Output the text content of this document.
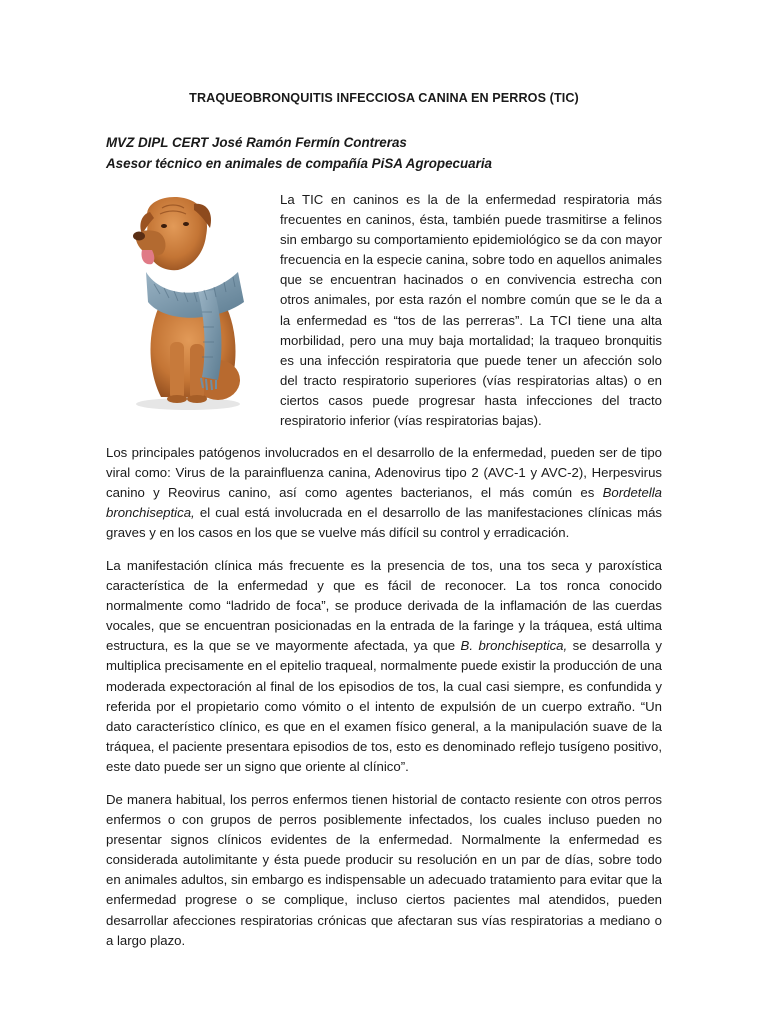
TRAQUEOBRONQUITIS INFECCIOSA CANINA EN PERROS (TIC)
MVZ DIPL CERT José Ramón Fermín Contreras
Asesor técnico en animales de compañía PiSA Agropecuaria

La TIC en caninos es la de la enfermedad respiratoria más frecuentes en caninos, ésta, también puede trasmitirse a felinos sin embargo su comportamiento epidemiológico se da con mayor frecuencia en la especie canina, sobre todo en aquellos animales que se encuentran hacinados o en convivencia estrecha con otros animales, por esta razón el nombre común que se le da a la enfermedad es “tos de las perreras”. La TCI tiene una alta morbilidad, pero una muy baja mortalidad; la traqueo bronquitis es una infección respiratoria que puede tener un afección solo del tracto respiratorio superiores (vías respiratorias altas) o en ciertos casos puede progresar hasta infecciones del tracto respiratorio inferior (vías respiratorias bajas).

Los principales patógenos involucrados en el desarrollo de la enfermedad, pueden ser de tipo viral como: Virus de la parainfluenza canina, Adenovirus tipo 2 (AVC-1 y AVC-2), Herpesvirus canino y Reovirus canino, así como agentes bacterianos, el más común es Bordetella bronchiseptica, el cual está involucrada en el desarrollo de las manifestaciones clínicas más graves y en los casos en los que se vuelve más difícil su control y erradicación.

La manifestación clínica más frecuente es la presencia de tos, una tos seca y paroxística característica de la enfermedad y que es fácil de reconocer. La tos ronca conocido normalmente como “ladrido de foca”, se produce derivada de la inflamación de las cuerdas vocales, que se encuentran posicionadas en la entrada de la faringe y la tráquea, está ultima estructura, es la que se ve mayormente afectada, ya que B. bronchiseptica, se desarrolla y multiplica precisamente en el epitelio traqueal, normalmente puede existir la producción de una moderada expectoración al final de los episodios de tos, la cual casi siempre, es confundida y referida por el propietario como vómito o el intento de expulsión de un cuerpo extraño. “Un dato característico clínico, es que en el examen físico general, a la manipulación suave de la tráquea, el paciente presentara episodios de tos, esto es denominado reflejo tusígeno positivo, este dato puede ser un signo que oriente al clínico”.

De manera habitual, los perros enfermos tienen historial de contacto resiente con otros perros enfermos o con grupos de perros posiblemente infectados, los cuales incluso pueden no presentar signos clínicos evidentes de la enfermedad. Normalmente la enfermedad es considerada autolimitante y ésta puede producir su resolución en un par de días, sobre todo en animales adultos, sin embargo es indispensable un adecuado tratamiento para evitar que la enfermedad progrese o se complique, incluso ciertos pacientes mal atendidos, pueden desarrollar afecciones respiratorias crónicas que afectaran sus vías respiratorias a mediano o a largo plazo.
